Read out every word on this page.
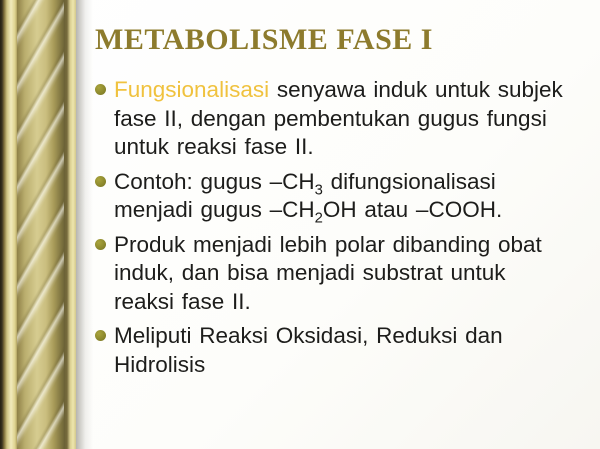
METABOLISME FASE I
Fungsionalisasi senyawa induk untuk subjek
fase II, dengan pembentukan gugus fungsi
untuk reaksi fase II.
Contoh: gugus $-CH_3$ difungsionalisasi
menjadi gugus $-CH_2OH$ atau –COOH.
Produk menjadi lebih polar dibanding obat
induk, dan bisa menjadi substrat untuk
reaksi fase II.
Meliputi Reaksi Oksidasi, Reduksi dan
Hidrolisis
